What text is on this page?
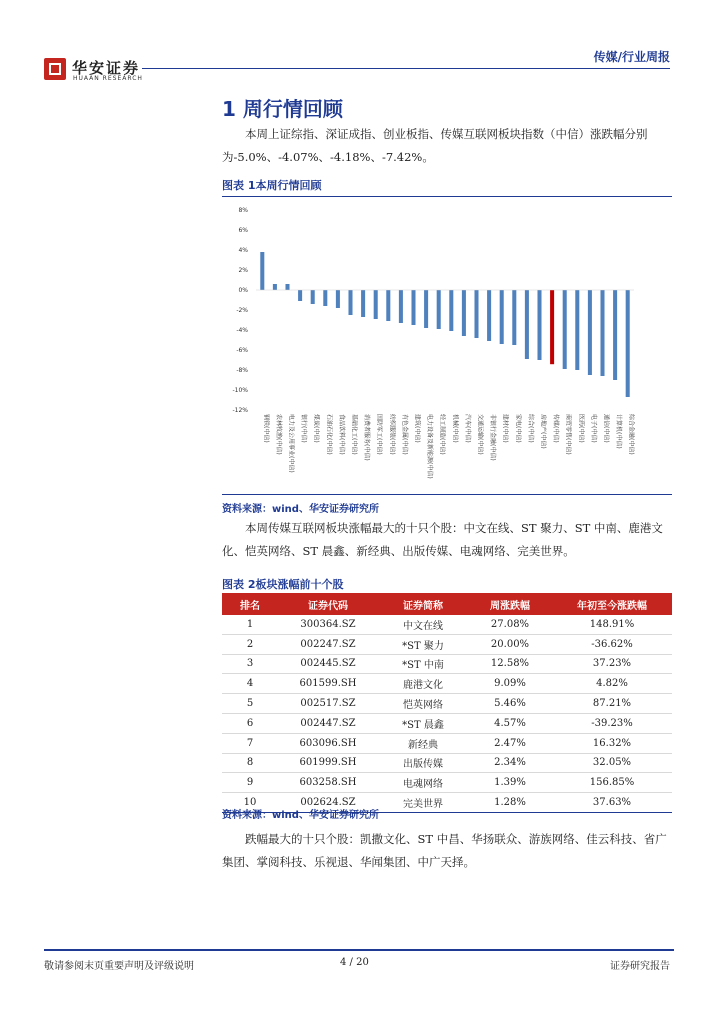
华安证券
HUAAN RESEARCH
传媒/行业周报
1 周行情回顾
本周上证综指、深证成指、创业板指、传媒互联网板块指数（中信）涨跌幅分别为-5.0%、-4.07%、-4.18%、-7.42%。
图表 1本周行情回顾
8%
6%
4%
2%
0%
-2%
-4%
-6%
-8%
-10%
-12%
钢铁(中信) 农林牧渔(中信) 电力及公用事业(中信) 银行(中信) 煤炭(中信) 石油石化(中信) 食品饮料(中信) 基础化工(中信) 消费者服务(中信) 国防军工(中信) 纺织服装(中信) 有色金属(中信) 建筑(中信) 电力设备及新能源(中信) 轻工制造(中信) 机械(中信) 汽车(中信) 交通运输(中信) 非银行金融(中信) 建材(中信) 家电(中信) 综合(中信) 房地产(中信) 传媒(中信) 商贸零售(中信) 医药(中信) 电子(中信) 通信(中信) 计算机(中信) 综合金融(中信)
资料来源：wind、华安证券研究所
本周传媒互联网板块涨幅最大的十只个股：中文在线、ST 聚力、ST 中南、鹿港文化、恺英网络、ST 晨鑫、新经典、出版传媒、电魂网络、完美世界。
图表 2板块涨幅前十个股
排名	证券代码	证券简称	周涨跌幅	年初至今涨跌幅
1	300364.SZ	中文在线	27.08%	148.91%
2	002247.SZ	*ST 聚力	20.00%	-36.62%
3	002445.SZ	*ST 中南	12.58%	37.23%
4	601599.SH	鹿港文化	9.09%	4.82%
5	002517.SZ	恺英网络	5.46%	87.21%
6	002447.SZ	*ST 晨鑫	4.57%	-39.23%
7	603096.SH	新经典	2.47%	16.32%
8	601999.SH	出版传媒	2.34%	32.05%
9	603258.SH	电魂网络	1.39%	156.85%
10	002624.SZ	完美世界	1.28%	37.63%
资料来源：wind、华安证券研究所
跌幅最大的十只个股：凯撒文化、ST 中昌、华扬联众、游族网络、佳云科技、省广集团、掌阅科技、乐视退、华闻集团、中广天择。
敬请参阅末页重要声明及评级说明	4 / 20	证券研究报告
